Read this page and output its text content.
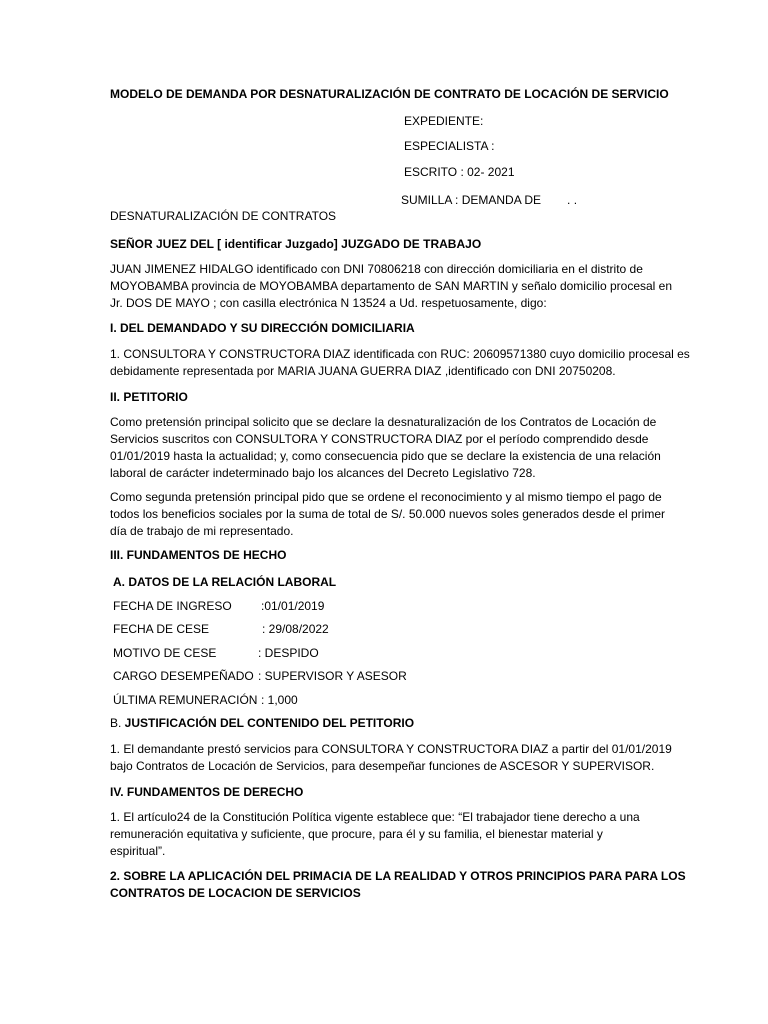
MODELO DE DEMANDA POR DESNATURALIZACIÓN DE CONTRATO DE LOCACIÓN DE SERVICIO
EXPEDIENTE:
ESPECIALISTA :
ESCRITO : 02- 2021
SUMILLA : DEMANDA DE . .
DESNATURALIZACIÓN DE CONTRATOS
SEÑOR JUEZ DEL [ identificar Juzgado] JUZGADO DE TRABAJO
JUAN JIMENEZ HIDALGO identificado con DNI 70806218 con dirección domiciliaria en el distrito de
MOYOBAMBA provincia de MOYOBAMBA departamento de SAN MARTIN y señalo domicilio procesal en
Jr. DOS DE MAYO ; con casilla electrónica N 13524 a Ud. respetuosamente, digo:
I. DEL DEMANDADO Y SU DIRECCIÓN DOMICILIARIA
1. CONSULTORA Y CONSTRUCTORA DIAZ identificada con RUC: 20609571380 cuyo domicilio procesal es
debidamente representada por MARIA JUANA GUERRA DIAZ ,identificado con DNI 20750208.
II. PETITORIO
Como pretensión principal solicito que se declare la desnaturalización de los Contratos de Locación de
Servicios suscritos con CONSULTORA Y CONSTRUCTORA DIAZ por el período comprendido desde
01/01/2019 hasta la actualidad; y, como consecuencia pido que se declare la existencia de una relación
laboral de carácter indeterminado bajo los alcances del Decreto Legislativo 728.
Como segunda pretensión principal pido que se ordene el reconocimiento y al mismo tiempo el pago de
todos los beneficios sociales por la suma de total de S/. 50.000 nuevos soles generados desde el primer
día de trabajo de mi representado.
III. FUNDAMENTOS DE HECHO
A. DATOS DE LA RELACIÓN LABORAL
FECHA DE INGRESO :01/01/2019
FECHA DE CESE	: 29/08/2022
MOTIVO DE CESE	: DESPIDO
CARGO DESEMPEÑADO : SUPERVISOR Y ASESOR
ÚLTIMA REMUNERACIÓN : 1,000
B. JUSTIFICACIÓN DEL CONTENIDO DEL PETITORIO
1. El demandante prestó servicios para CONSULTORA Y CONSTRUCTORA DIAZ a partir del 01/01/2019
bajo Contratos de Locación de Servicios, para desempeñar funciones de ASCESOR Y SUPERVISOR.
IV. FUNDAMENTOS DE DERECHO
1. El artículo24 de la Constitución Política vigente establece que: “El trabajador tiene derecho a una
remuneración equitativa y suficiente, que procure, para él y su familia, el bienestar material y
espiritual”.
2. SOBRE LA APLICACIÓN DEL PRIMACIA DE LA REALIDAD Y OTROS PRINCIPIOS PARA PARA LOS
CONTRATOS DE LOCACION DE SERVICIOS
